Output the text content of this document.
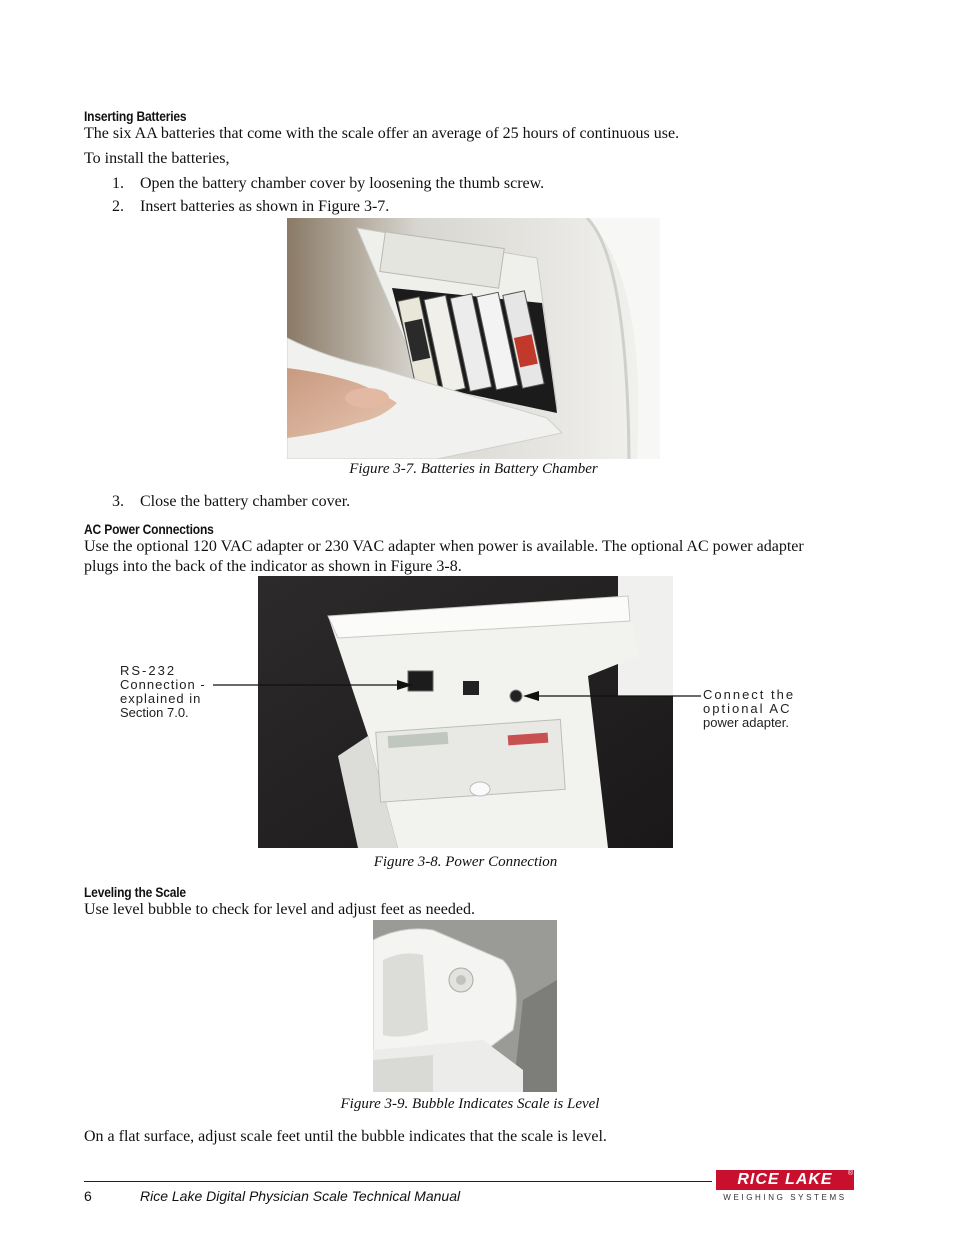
Inserting Batteries
The six AA batteries that come with the scale offer an average of 25 hours of continuous use.
To install the batteries,
1. Open the battery chamber cover by loosening the thumb screw.
2. Insert batteries as shown in Figure 3-7.
Figure 3-7. Batteries in Battery Chamber
3. Close the battery chamber cover.
AC Power Connections
Use the optional 120 VAC adapter or 230 VAC adapter when power is available. The optional AC power adapter
plugs into the back of the indicator as shown in Figure 3-8.
RS-232
Connection -
explained in
Section 7.0.
Connect the
optional AC
power adapter.
Figure 3-8. Power Connection
Leveling the Scale
Use level bubble to check for level and adjust feet as needed.
Figure 3-9. Bubble Indicates Scale is Level
On a flat surface, adjust scale feet until the bubble indicates that the scale is level.
6	Rice Lake Digital Physician Scale Technical Manual
RICE LAKE	®
WEIGHING SYSTEMS
